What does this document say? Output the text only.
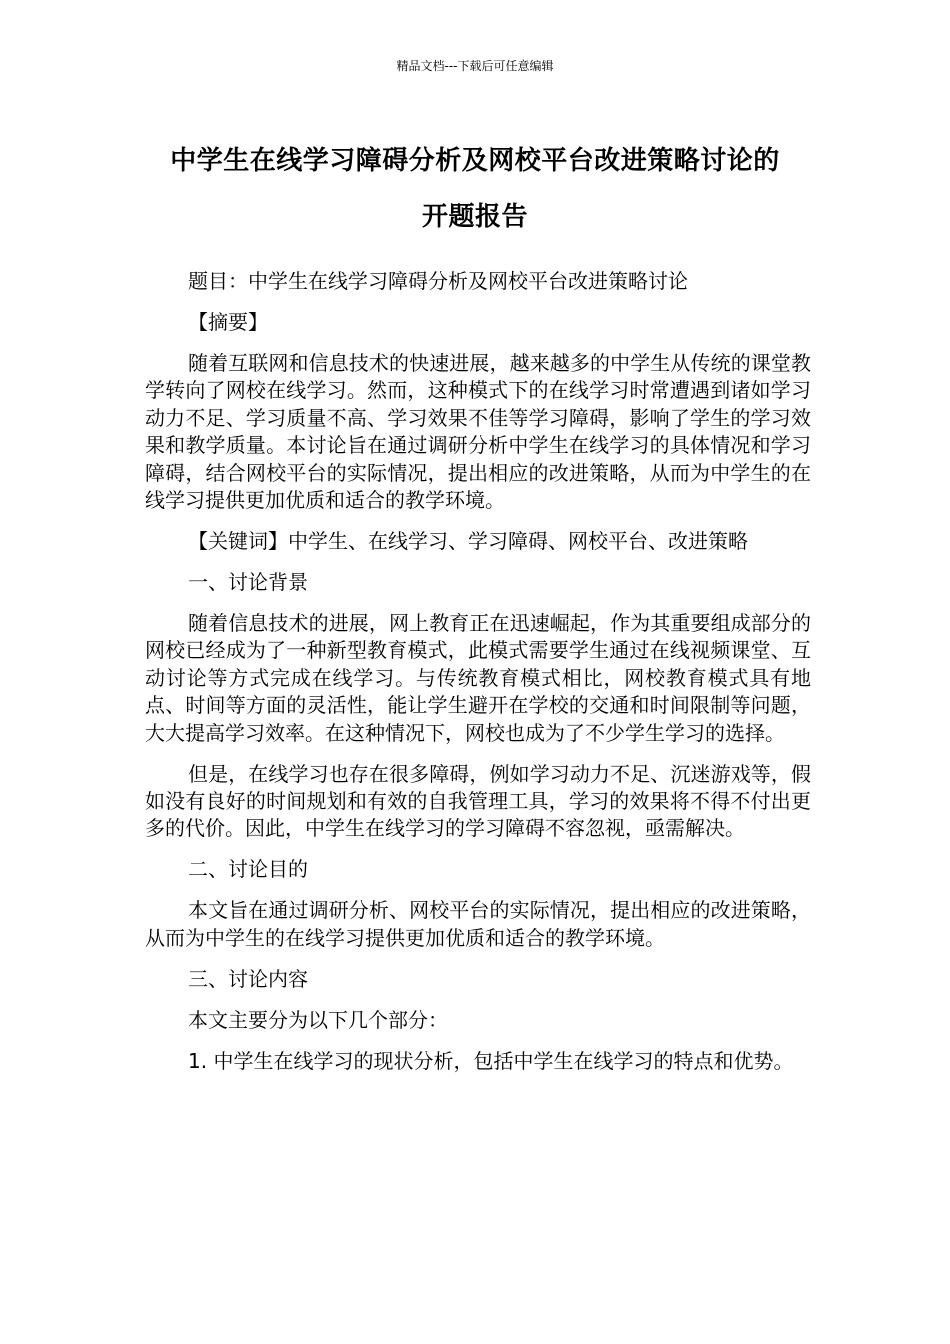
精品文档---下载后可任意编辑
中学生在线学习障碍分析及网校平台改进策略讨论的
开题报告

题目：中学生在线学习障碍分析及网校平台改进策略讨论

【摘要】

随着互联网和信息技术的快速进展，越来越多的中学生从传统的课堂教学转向了网校在线学习。然而，这种模式下的在线学习时常遭遇到诸如学习动力不足、学习质量不高、学习效果不佳等学习障碍，影响了学生的学习效果和教学质量。本讨论旨在通过调研分析中学生在线学习的具体情况和学习障碍，结合网校平台的实际情况，提出相应的改进策略，从而为中学生的在线学习提供更加优质和适合的教学环境。

【关键词】中学生、在线学习、学习障碍、网校平台、改进策略

一、讨论背景

随着信息技术的进展，网上教育正在迅速崛起，作为其重要组成部分的网校已经成为了一种新型教育模式，此模式需要学生通过在线视频课堂、互动讨论等方式完成在线学习。与传统教育模式相比，网校教育模式具有地点、时间等方面的灵活性，能让学生避开在学校的交通和时间限制等问题，大大提高学习效率。在这种情况下，网校也成为了不少学生学习的选择。

但是，在线学习也存在很多障碍，例如学习动力不足、沉迷游戏等，假如没有良好的时间规划和有效的自我管理工具，学习的效果将不得不付出更多的代价。因此，中学生在线学习的学习障碍不容忽视，亟需解决。

二、讨论目的

本文旨在通过调研分析、网校平台的实际情况，提出相应的改进策略，从而为中学生的在线学习提供更加优质和适合的教学环境。

三、讨论内容

本文主要分为以下几个部分：

1. 中学生在线学习的现状分析，包括中学生在线学习的特点和优势。
